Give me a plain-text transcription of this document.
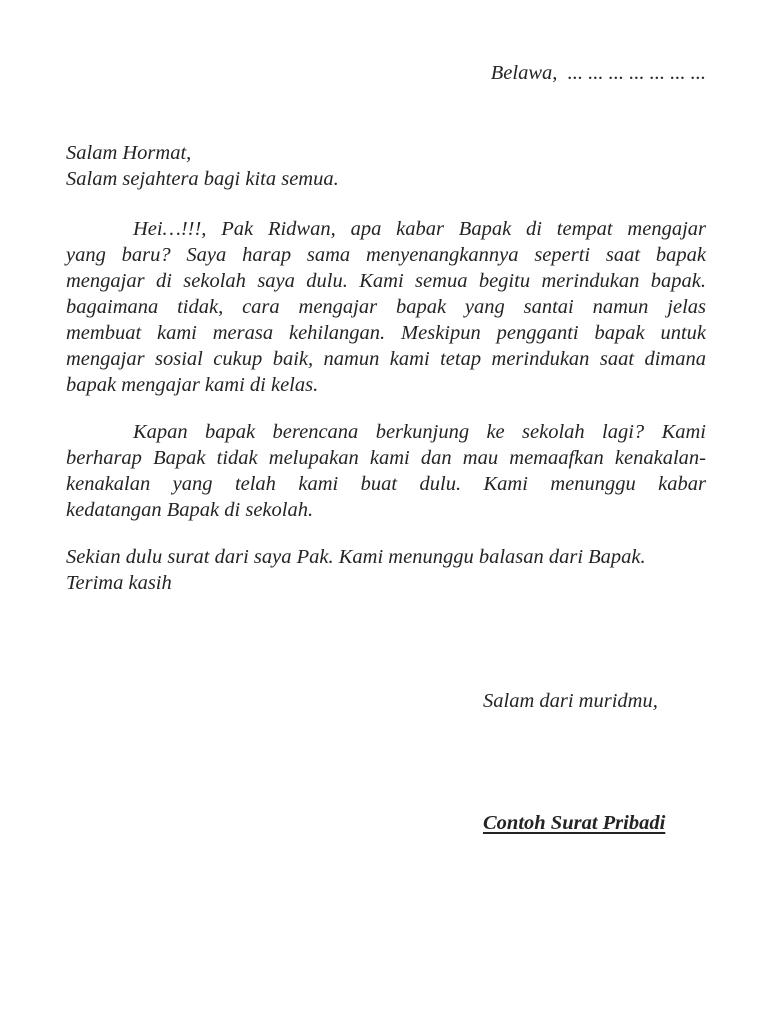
Belawa,  ... ... ... ... ... ... ...
Salam Hormat,
Salam sejahtera bagi kita semua.
Hei…!!!, Pak Ridwan, apa kabar Bapak di tempat mengajar
yang baru? Saya harap sama menyenangkannya seperti saat bapak
mengajar di sekolah saya dulu. Kami semua begitu merindukan bapak.
bagaimana tidak, cara mengajar bapak yang santai namun jelas
membuat kami merasa kehilangan. Meskipun pengganti bapak untuk
mengajar sosial cukup baik, namun kami tetap merindukan saat dimana
bapak mengajar kami di kelas.
Kapan bapak berencana berkunjung ke sekolah lagi? Kami
berharap Bapak tidak melupakan kami dan mau memaafkan kenakalan-
kenakalan yang telah kami buat dulu. Kami menunggu kabar
kedatangan Bapak di sekolah.
Sekian dulu surat dari saya Pak. Kami menunggu balasan dari Bapak.
Terima kasih
Salam dari muridmu,
Contoh Surat Pribadi
